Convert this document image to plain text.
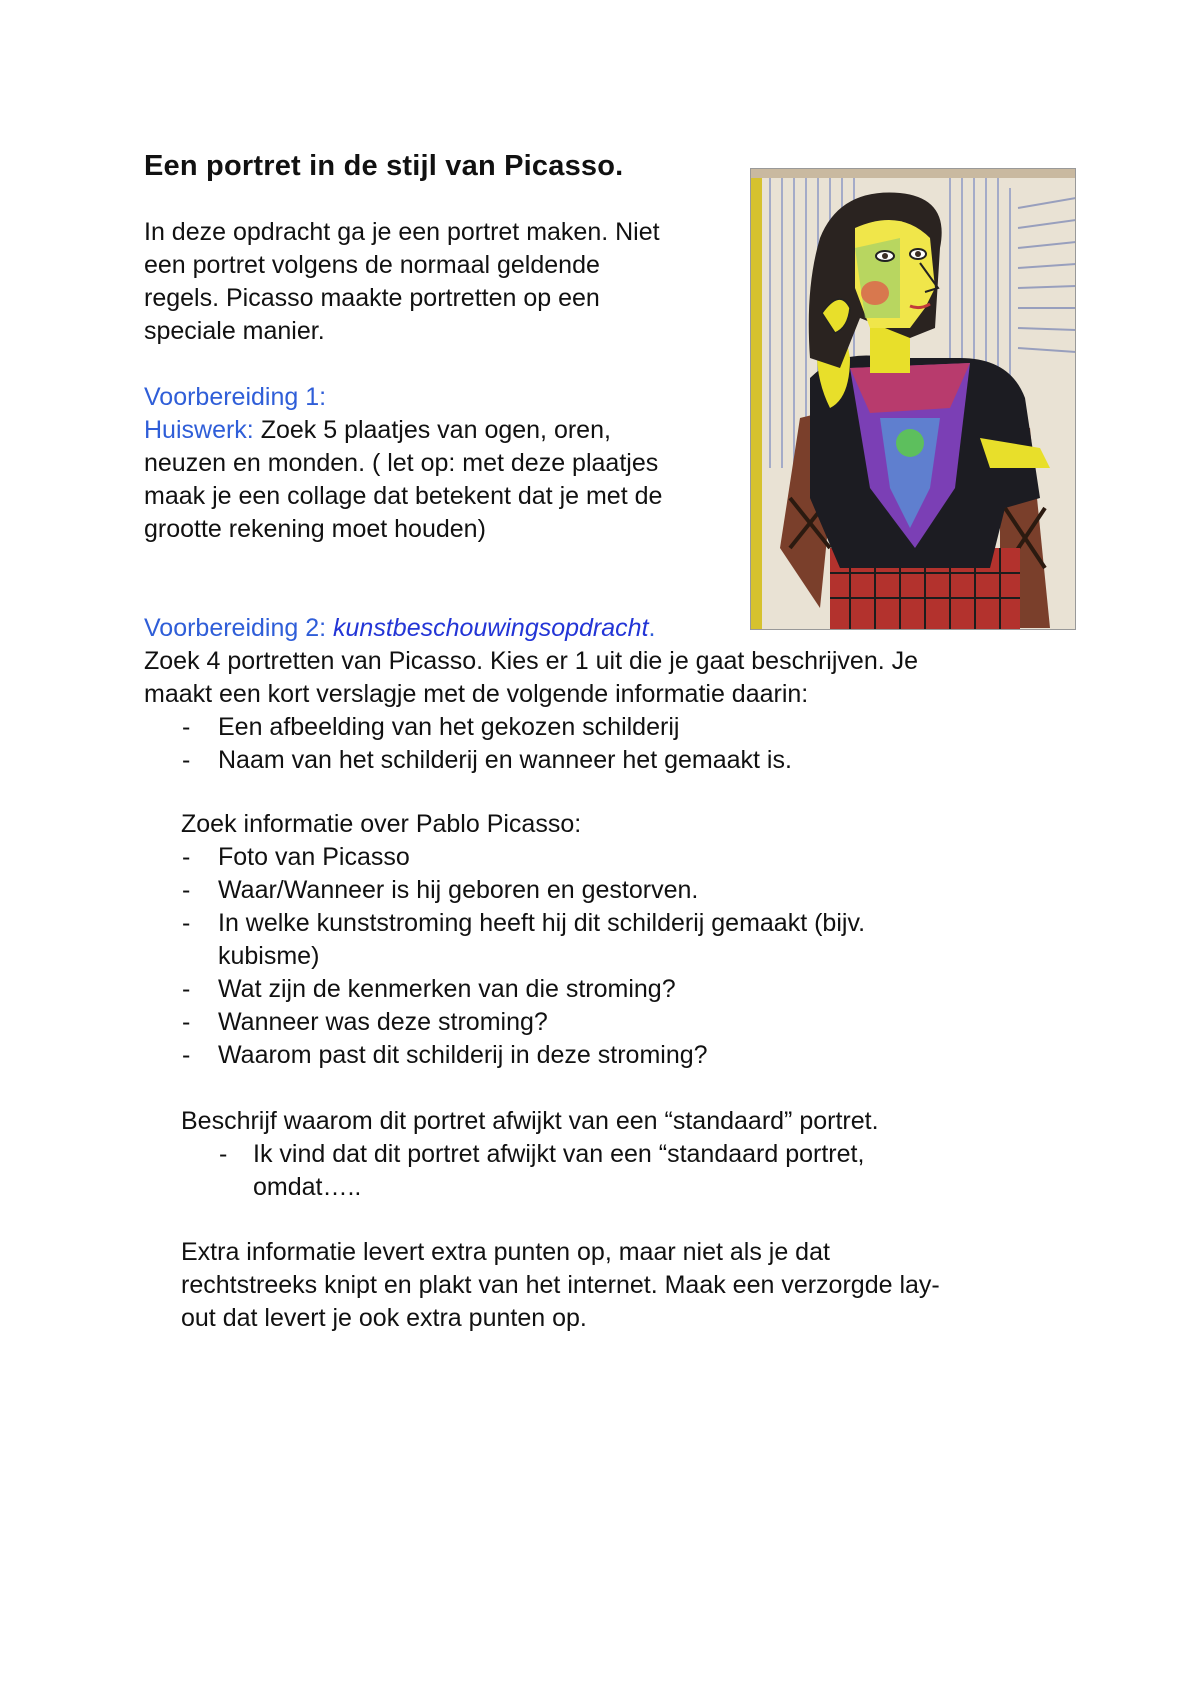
Een portret in de stijl van Picasso.

In deze opdracht ga je een portret maken. Niet
een portret volgens de normaal geldende
regels. Picasso maakte portretten op een
speciale manier.

Voorbereiding 1:
Huiswerk: Zoek 5 plaatjes van ogen, oren,
neuzen en monden. ( let op: met deze plaatjes
maak je een collage dat betekent dat je met de
grootte rekening moet houden)
Voorbereiding 2: kunstbeschouwingsopdracht.
Zoek 4 portretten van Picasso. Kies er 1 uit die je gaat beschrijven. Je
maakt een kort verslagje met de volgende informatie daarin:
- Een afbeelding van het gekozen schilderij
- Naam van het schilderij en wanneer het gemaakt is.
Zoek informatie over Pablo Picasso:
- Foto van Picasso
- Waar/Wanneer is hij geboren en gestorven.
- In welke kunststroming heeft hij dit schilderij gemaakt (bijv.
kubisme)
- Wat zijn de kenmerken van die stroming?
- Wanneer was deze stroming?
- Waarom past dit schilderij in deze stroming?
Beschrijf waarom dit portret afwijkt van een “standaard” portret.
- Ik vind dat dit portret afwijkt van een “standaard portret,
omdat…..

Extra informatie levert extra punten op, maar niet als je dat
rechtstreeks knipt en plakt van het internet. Maak een verzorgde lay-
out dat levert je ook extra punten op.
